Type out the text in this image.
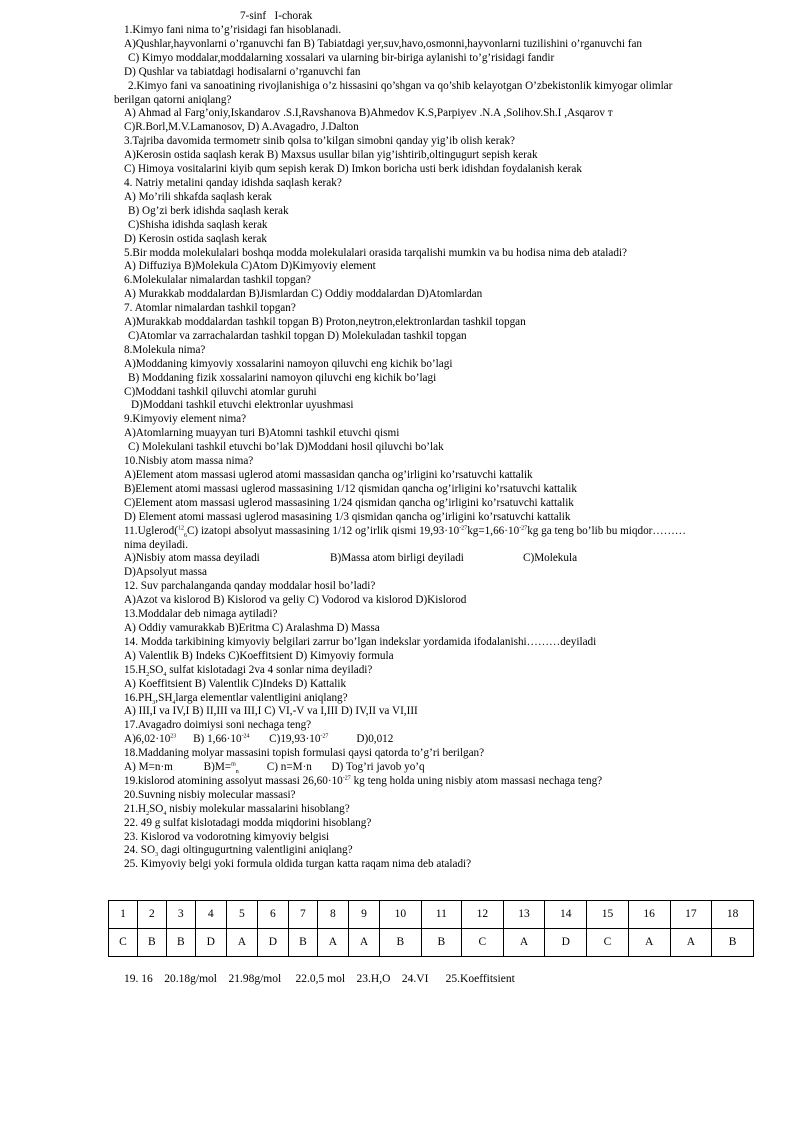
7-sinf   I-chorak
1.Kimyo fani nima to’g’risidagi fan hisoblanadi.
A)Qushlar,hayvonlarni o’rganuvchi fan B) Tabiatdagi yer,suv,havo,osmonni,hayvonlarni tuzilishini o’rganuvchi fan
C) Kimyo moddalar,moddalarning xossalari va ularning bir-biriga aylanishi to’g’risidagi fandir
D) Qushlar va tabiatdagi hodisalarni o’rganuvchi fan
2.Kimyo fani va sanoatining rivojlanishiga o’z hissasini qo’shgan va qo’shib kelayotgan O’zbekistonlik kimyogar olimlar
berilgan qatorni aniqlang?
A) Ahmad al Farg’oniy,Iskandarov .S.I,Ravshanova B)Ahmedov K.S,Parpiyev .N.A ,Solihov.Sh.I ,Asqarov т
C)R.Borl,M.V.Lamanosov, D) A.Avagadro, J.Dalton
3.Tajriba davomida termometr sinib qolsa to’kilgan simobni qanday yig’ib olish kerak?
A)Kerosin ostida saqlash kerak B) Maxsus usullar bilan yig’ishtirib,oltingugurt sepish kerak
C) Himoya vositalarini kiyib qum sepish kerak D) Imkon boricha usti berk idishdan foydalanish kerak
4. Natriy metalini qanday idishda saqlash kerak?
A) Mo’rili shkafda saqlash kerak
B) Og’zi berk idishda saqlash kerak
C)Shisha idishda saqlash kerak
D) Kerosin ostida saqlash kerak
5.Bir modda molekulalari boshqa modda molekulalari orasida tarqalishi mumkin va bu hodisa nima deb ataladi?
A) Diffuziya B)Molekula C)Atom D)Kimyoviy element
6.Molekulalar nimalardan tashkil topgan?
A) Murakkab moddalardan B)Jismlardan C) Oddiy moddalardan D)Atomlardan
7. Atomlar nimalardan tashkil topgan?
A)Murakkab moddalardan tashkil topgan B) Proton,neytron,elektronlardan tashkil topgan
C)Atomlar va zarrachalardan tashkil topgan D) Molekuladan tashkil topgan
8.Molekula nima?
A)Moddaning kimyoviy xossalarini namoyon qiluvchi eng kichik bo’lagi
B) Moddaning fizik xossalarini namoyon qiluvchi eng kichik bo’lagi
C)Moddani tashkil qiluvchi atomlar guruhi
D)Moddani tashkil etuvchi elektronlar uyushmasi
9.Kimyoviy element nima?
A)Atomlarning muayyan turi B)Atomni tashkil etuvchi qismi
C) Molekulani tashkil etuvchi bo’lak D)Moddani hosil qiluvchi bo’lak
10.Nisbiy atom massa nima?
A)Element atom massasi uglerod atomi massasidan qancha og’irligini ko’rsatuvchi kattalik
B)Element atomi massasi uglerod massasining 1/12 qismidan qancha og’irligini ko’rsatuvchi kattalik
C)Element atom massasi uglerod massasining 1/24 qismidan qancha og’irligini ko’rsatuvchi kattalik
D) Element atomi massasi uglerod masasining 1/3 qismidan qancha og’irligini ko’rsatuvchi kattalik
11.Uglerod($^{12}_6$C) izatopi absolyut massasining 1/12 og’irlik qismi $19,93\cdot 10^{-27}kg=1,66\cdot 10^{-27}kg$ ga teng bo’lib bu miqdor………
nima deyiladi.
A)Nisbiy atom massa deyiladi	B)Massa atom birligi deyiladi	C)Molekula
D)Apsolyut massa
12. Suv parchalanganda qanday moddalar hosil bo’ladi?
A)Azot va kislorod B) Kislorod va geliy C) Vodorod va kislorod D)Kislorod
13.Moddalar deb nimaga aytiladi?
A) Oddiy vamurakkab B)Eritma C) Aralashma D) Massa
14. Modda tarkibining kimyoviy belgilari zarrur bo’lgan indekslar yordamida ifodalanishi………deyiladi
A) Valentlik B) Indeks C)Koeffitsient D) Kimyoviy formula
$15.H_2SO_4$ sulfat kislotadagi 2va 4 sonlar nima deyiladi?
A) Koeffitsient B) Valentlik C)Indeks D) Kattalik
$16.PH_3,SH_4larga$ elementlar valentligini aniqlang?
A) III,I va IV,I B) II,III va III,I C) VI,-V va I,III D) IV,II va VI,III
17.Avagadro doimiysi soni nechaga teng?
$A)6,02\cdot 10^{23}$      B) $1,66\cdot 10^{-24}$       $C)19,93\cdot 10^{-27}$          D)0,012
18.Maddaning molyar massasini topish formulasi qaysi qatorda to’g’ri berilgan?
A) M=n·m           B)M=$^m_n$          C) n=M·n       D) Tog’ri javob yo’q
19.kislorod atomining assolyut massasi $26,60\cdot 10^{-27}$ kg teng holda uning nisbiy atom massasi nechaga teng?
20.Suvning nisbiy molecular massasi?
$21.H_2SO_4$ nisbiy molekular massalarini hisoblang?
22. 49 g sulfat kislotadagi modda miqdorini hisoblang?
23. Kislorod va vodorotning kimyoviy belgisi
24. $SO_3$ dagi oltingugurtning valentligini aniqlang?
25. Kimyoviy belgi yoki formula oldida turgan katta raqam nima deb ataladi?
1	2	3	4	5	6	7	8	9	10	11	12	13	14	15	16	17	18
C	B	B	D	A	D	B	A	A	B	B	C	A	D	C	A	A	B
19. 16    20.18g/mol    21.98g/mol     22.0,5 mol    23.H,O    24.VI      25.Koeffitsient
